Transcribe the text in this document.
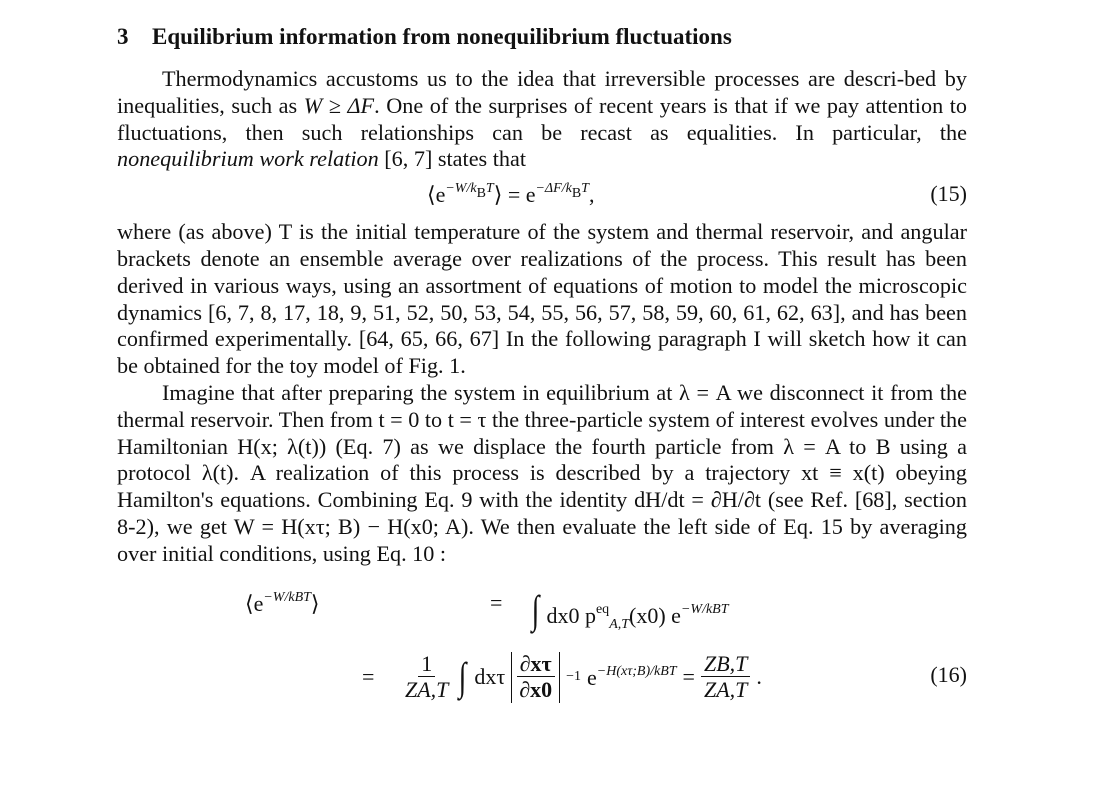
3 Equilibrium information from nonequilibrium fluctuations

Thermodynamics accustoms us to the idea that irreversible processes are descri-bed by inequalities, such as W ≥ ΔF. One of the surprises of recent years is that if we pay attention to fluctuations, then such relationships can be recast as equalities. In particular, the nonequilibrium work relation [6, 7] states that

$⟨e^{-W/k_BT}⟩ = e^{-\Delta F/k_BT}$,	(15)

where (as above) T is the initial temperature of the system and thermal reservoir, and angular brackets denote an ensemble average over realizations of the process. This result has been derived in various ways, using an assortment of equations of motion to model the microscopic dynamics [6, 7, 8, 17, 18, 9, 51, 52, 50, 53, 54, 55, 56, 57, 58, 59, 60, 61, 62, 63], and has been confirmed experimentally. [64, 65, 66, 67] In the following paragraph I will sketch how it can be obtained for the toy model of Fig. 1.

Imagine that after preparing the system in equilibrium at λ = A we disconnect it from the thermal reservoir. Then from t = 0 to t = τ the three-particle system of interest evolves under the Hamiltonian H(x; λ(t)) (Eq. 7) as we displace the fourth particle from λ = A to B using a protocol λ(t). A realization of this process is described by a trajectory xt ≡ x(t) obeying Hamilton's equations. Combining Eq. 9 with the identity dH/dt = ∂H/∂t (see Ref. [68], section 8-2), we get W = H(xτ; B) − H(x0; A). We then evaluate the left side of Eq. 15 by averaging over initial conditions, using Eq. 10 :

$⟨e^{-W/kBT}⟩$	= ∫ dx0 $p^{eq}_{A,T}(x0)$ $e^{-W/kBT}$
= $\frac{1}{ZA,T}$ ∫ dxτ $\frac{\partial x\tau}{\partial x0} -1$ $e^{-H(x\tau;B)/kBT} = \frac{ZB,T}{ZA,T}$ .	(16)
